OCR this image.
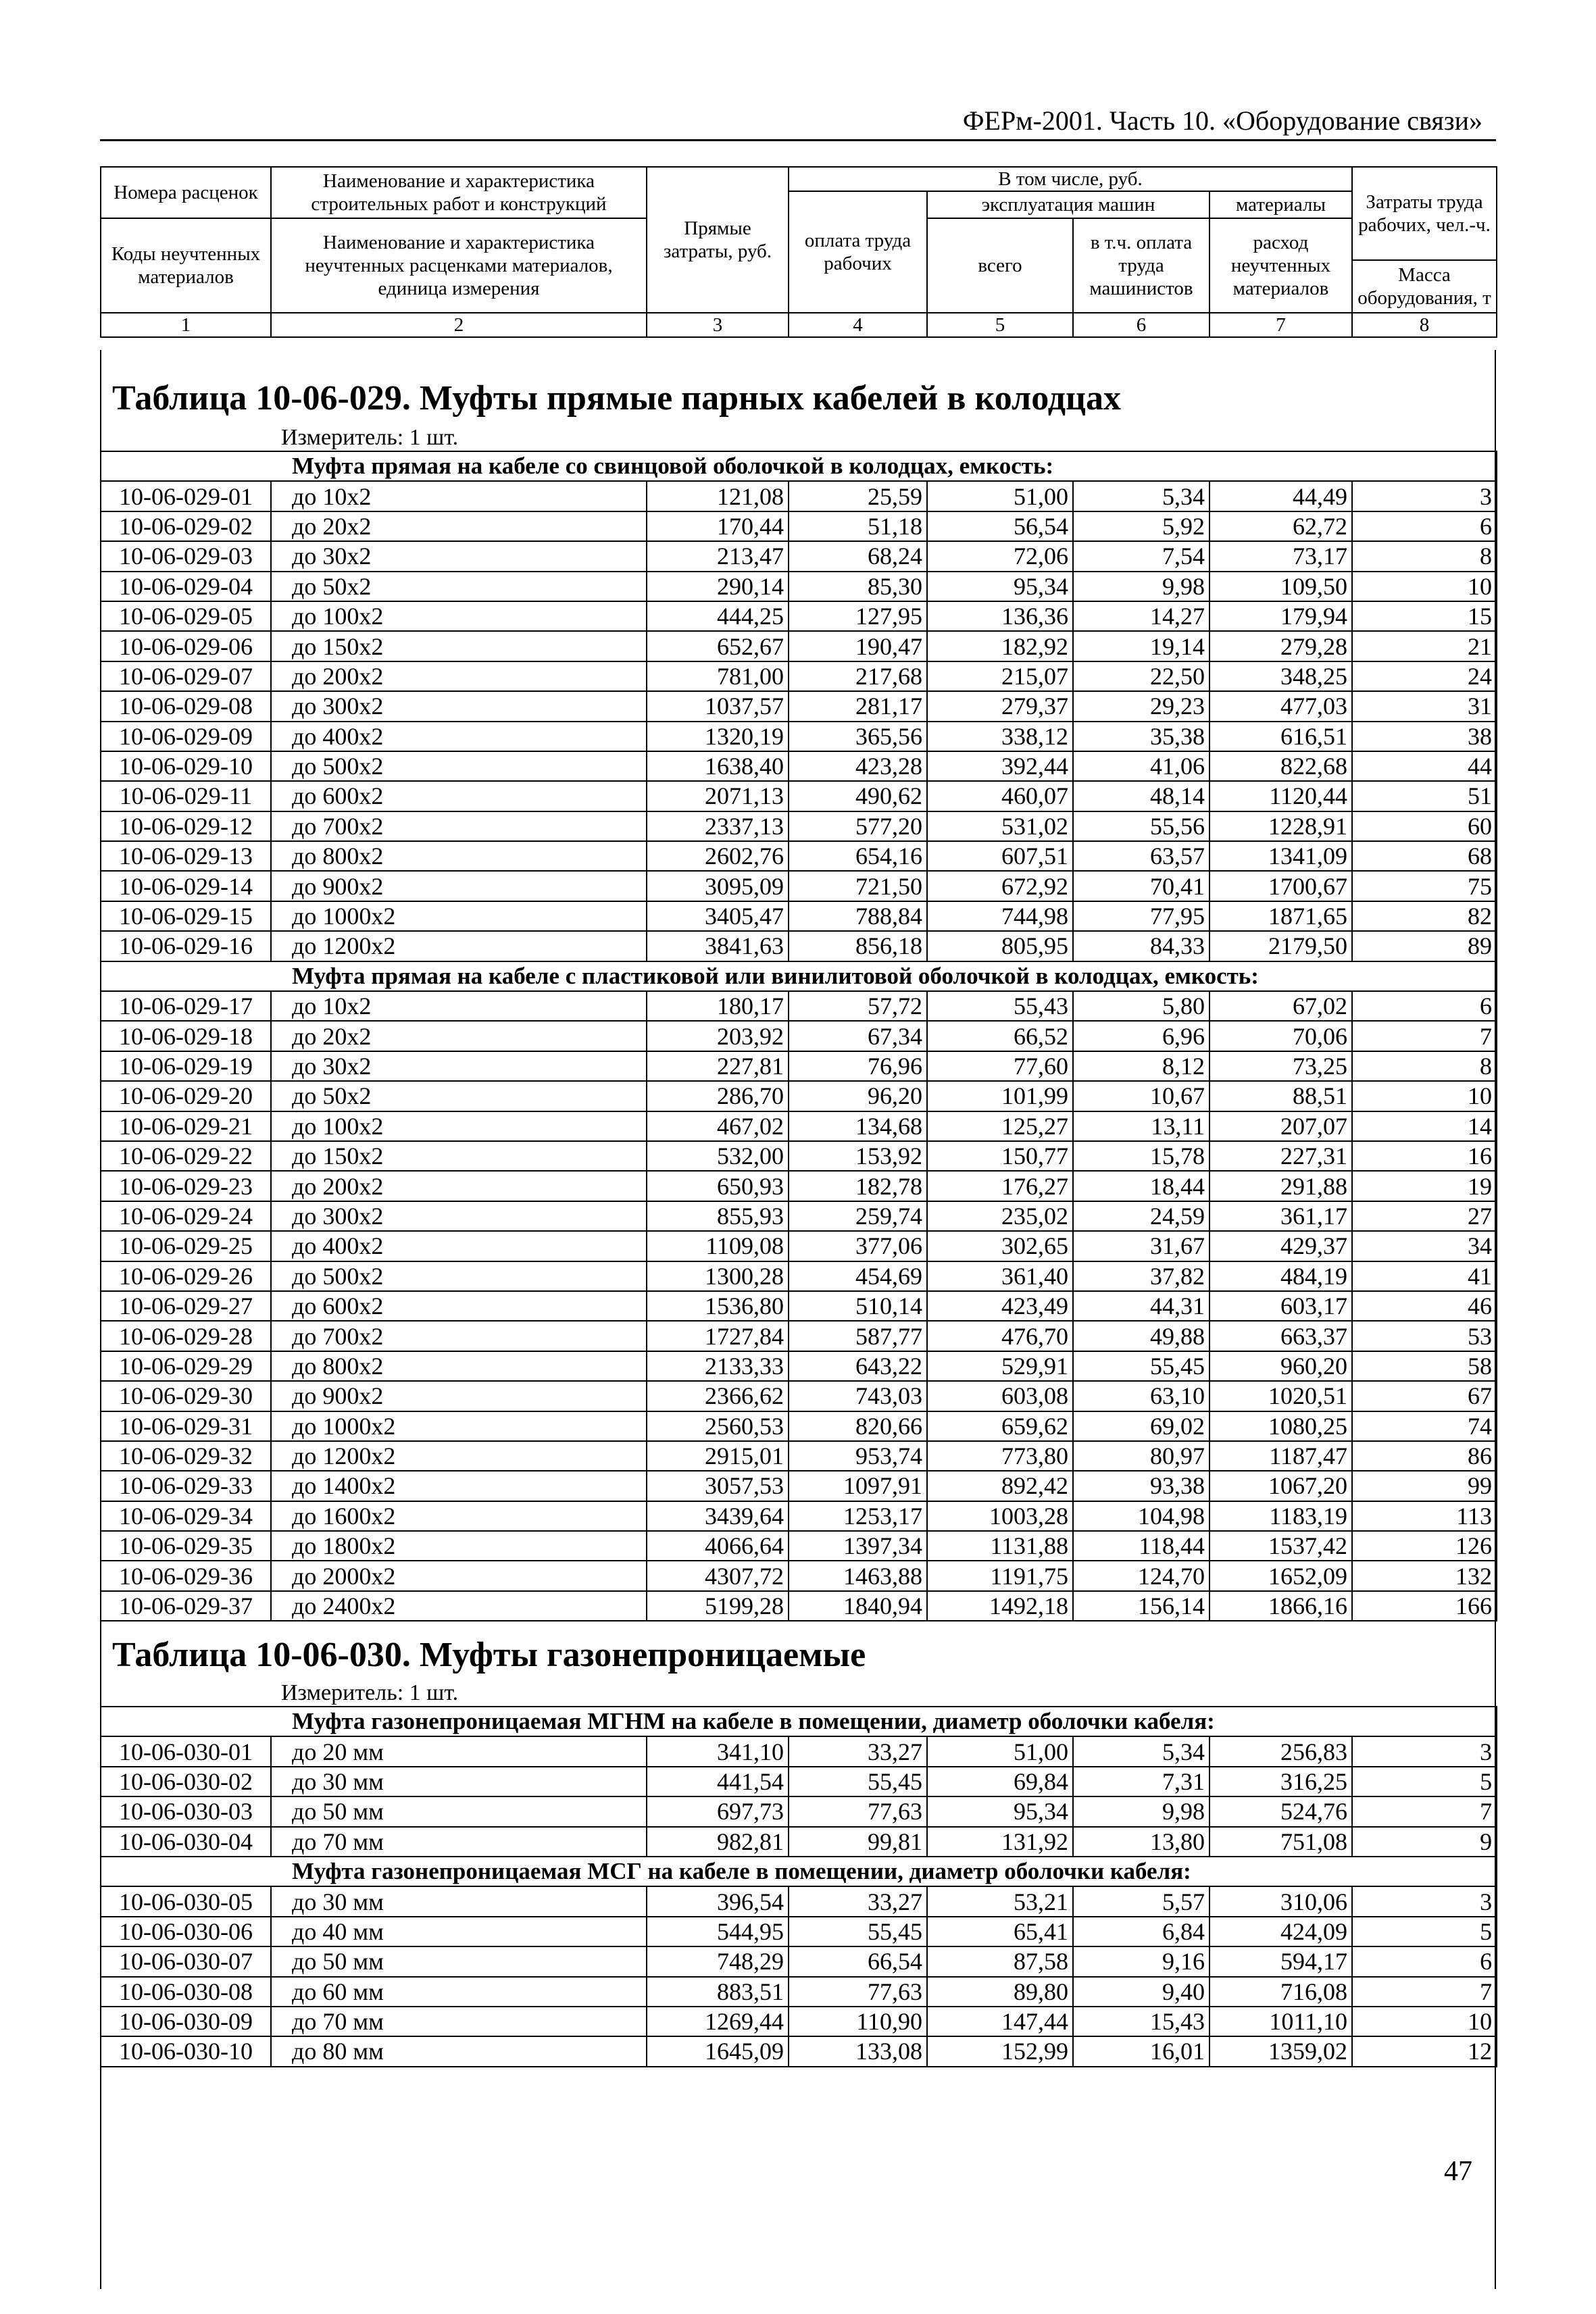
ФЕРм-2001. Часть 10. «Оборудование связи»
Номера расценок	Наименование и характеристика строительных работ и конструкций	Прямые затраты, руб.	В том числе, руб.				Затраты труда рабочих, чел.-ч.
			оплата труда рабочих	эксплуатация машин		материалы	
Коды неучтенных материалов	Наименование и характеристика неучтенных расценками материалов, единица измерения			всего	в т.ч. оплата труда машинистов	расход неучтенных материалов	
							Масса оборудования, т
1	2	3	4	5	6	7	8
Таблица 10-06-029. Муфты прямые парных кабелей в колодцах
Измеритель: 1 шт.
Муфта прямая на кабеле со свинцовой оболочкой в колодцах, емкость:							
10-06-029-01	до 10x2	121,08	25,59	51,00	5,34	44,49	3
10-06-029-02	до 20x2	170,44	51,18	56,54	5,92	62,72	6
10-06-029-03	до 30x2	213,47	68,24	72,06	7,54	73,17	8
10-06-029-04	до 50x2	290,14	85,30	95,34	9,98	109,50	10
10-06-029-05	до 100x2	444,25	127,95	136,36	14,27	179,94	15
10-06-029-06	до 150x2	652,67	190,47	182,92	19,14	279,28	21
10-06-029-07	до 200x2	781,00	217,68	215,07	22,50	348,25	24
10-06-029-08	до 300x2	1037,57	281,17	279,37	29,23	477,03	31
10-06-029-09	до 400x2	1320,19	365,56	338,12	35,38	616,51	38
10-06-029-10	до 500x2	1638,40	423,28	392,44	41,06	822,68	44
10-06-029-11	до 600x2	2071,13	490,62	460,07	48,14	1120,44	51
10-06-029-12	до 700x2	2337,13	577,20	531,02	55,56	1228,91	60
10-06-029-13	до 800x2	2602,76	654,16	607,51	63,57	1341,09	68
10-06-029-14	до 900x2	3095,09	721,50	672,92	70,41	1700,67	75
10-06-029-15	до 1000x2	3405,47	788,84	744,98	77,95	1871,65	82
10-06-029-16	до 1200x2	3841,63	856,18	805,95	84,33	2179,50	89
Муфта прямая на кабеле с пластиковой или винилитовой оболочкой в колодцах, емкость:							
10-06-029-17	до 10x2	180,17	57,72	55,43	5,80	67,02	6
10-06-029-18	до 20x2	203,92	67,34	66,52	6,96	70,06	7
10-06-029-19	до 30x2	227,81	76,96	77,60	8,12	73,25	8
10-06-029-20	до 50x2	286,70	96,20	101,99	10,67	88,51	10
10-06-029-21	до 100x2	467,02	134,68	125,27	13,11	207,07	14
10-06-029-22	до 150x2	532,00	153,92	150,77	15,78	227,31	16
10-06-029-23	до 200x2	650,93	182,78	176,27	18,44	291,88	19
10-06-029-24	до 300x2	855,93	259,74	235,02	24,59	361,17	27
10-06-029-25	до 400x2	1109,08	377,06	302,65	31,67	429,37	34
10-06-029-26	до 500x2	1300,28	454,69	361,40	37,82	484,19	41
10-06-029-27	до 600x2	1536,80	510,14	423,49	44,31	603,17	46
10-06-029-28	до 700x2	1727,84	587,77	476,70	49,88	663,37	53
10-06-029-29	до 800x2	2133,33	643,22	529,91	55,45	960,20	58
10-06-029-30	до 900x2	2366,62	743,03	603,08	63,10	1020,51	67
10-06-029-31	до 1000x2	2560,53	820,66	659,62	69,02	1080,25	74
10-06-029-32	до 1200x2	2915,01	953,74	773,80	80,97	1187,47	86
10-06-029-33	до 1400x2	3057,53	1097,91	892,42	93,38	1067,20	99
10-06-029-34	до 1600x2	3439,64	1253,17	1003,28	104,98	1183,19	113
10-06-029-35	до 1800x2	4066,64	1397,34	1131,88	118,44	1537,42	126
10-06-029-36	до 2000x2	4307,72	1463,88	1191,75	124,70	1652,09	132
10-06-029-37	до 2400x2	5199,28	1840,94	1492,18	156,14	1866,16	166
Таблица 10-06-030. Муфты газонепроницаемые
Измеритель: 1 шт.
Муфта газонепроницаемая МГНМ на кабеле в помещении, диаметр оболочки кабеля:							
10-06-030-01	до 20 мм	341,10	33,27	51,00	5,34	256,83	3
10-06-030-02	до 30 мм	441,54	55,45	69,84	7,31	316,25	5
10-06-030-03	до 50 мм	697,73	77,63	95,34	9,98	524,76	7
10-06-030-04	до 70 мм	982,81	99,81	131,92	13,80	751,08	9
Муфта газонепроницаемая МСГ на кабеле в помещении, диаметр оболочки кабеля:							
10-06-030-05	до 30 мм	396,54	33,27	53,21	5,57	310,06	3
10-06-030-06	до 40 мм	544,95	55,45	65,41	6,84	424,09	5
10-06-030-07	до 50 мм	748,29	66,54	87,58	9,16	594,17	6
10-06-030-08	до 60 мм	883,51	77,63	89,80	9,40	716,08	7
10-06-030-09	до 70 мм	1269,44	110,90	147,44	15,43	1011,10	10
10-06-030-10	до 80 мм	1645,09	133,08	152,99	16,01	1359,02	12
47
